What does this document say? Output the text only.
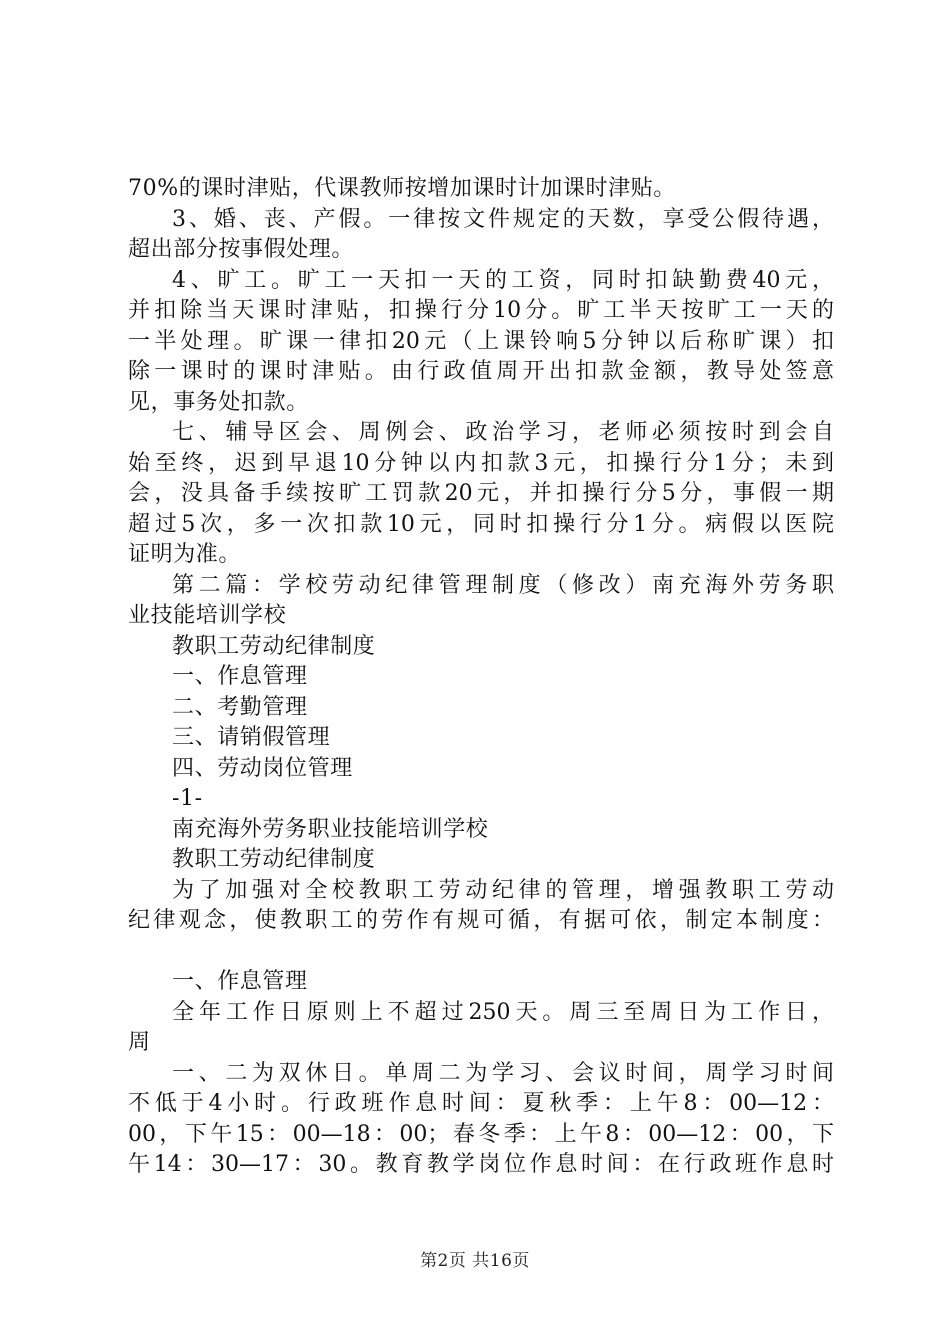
70%的课时津贴，代课教师按增加课时计加课时津贴。
3、婚、丧、产假。一律按文件规定的天数，享受公假待遇，
超出部分按事假处理。
4、旷工。旷工一天扣一天的工资，同时扣缺勤费40元，
并扣除当天课时津贴，扣操行分10分。旷工半天按旷工一天的
一半处理。旷课一律扣20元（上课铃响5分钟以后称旷课）扣
除一课时的课时津贴。由行政值周开出扣款金额，教导处签意
见，事务处扣款。
七、辅导区会、周例会、政治学习，老师必须按时到会自
始至终，迟到早退10分钟以内扣款3元，扣操行分1分；未到
会，没具备手续按旷工罚款20元，并扣操行分5分，事假一期
超过5次，多一次扣款10元，同时扣操行分1分。病假以医院
证明为准。
第二篇：学校劳动纪律管理制度（修改）南充海外劳务职
业技能培训学校
教职工劳动纪律制度
一、作息管理
二、考勤管理
三、请销假管理
四、劳动岗位管理
-1-
南充海外劳务职业技能培训学校
教职工劳动纪律制度
为了加强对全校教职工劳动纪律的管理，增强教职工劳动
纪律观念，使教职工的劳作有规可循，有据可依，制定本制度：
一、作息管理
全年工作日原则上不超过250天。周三至周日为工作日，
周
一、二为双休日。单周二为学习、会议时间，周学习时间
不低于4小时。行政班作息时间：夏秋季：上午8：00—12：
00，下午15：00—18：00；春冬季：上午8：00—12：00，下
午14：30—17：30。教育教学岗位作息时间：在行政班作息时
第2页 共16页
